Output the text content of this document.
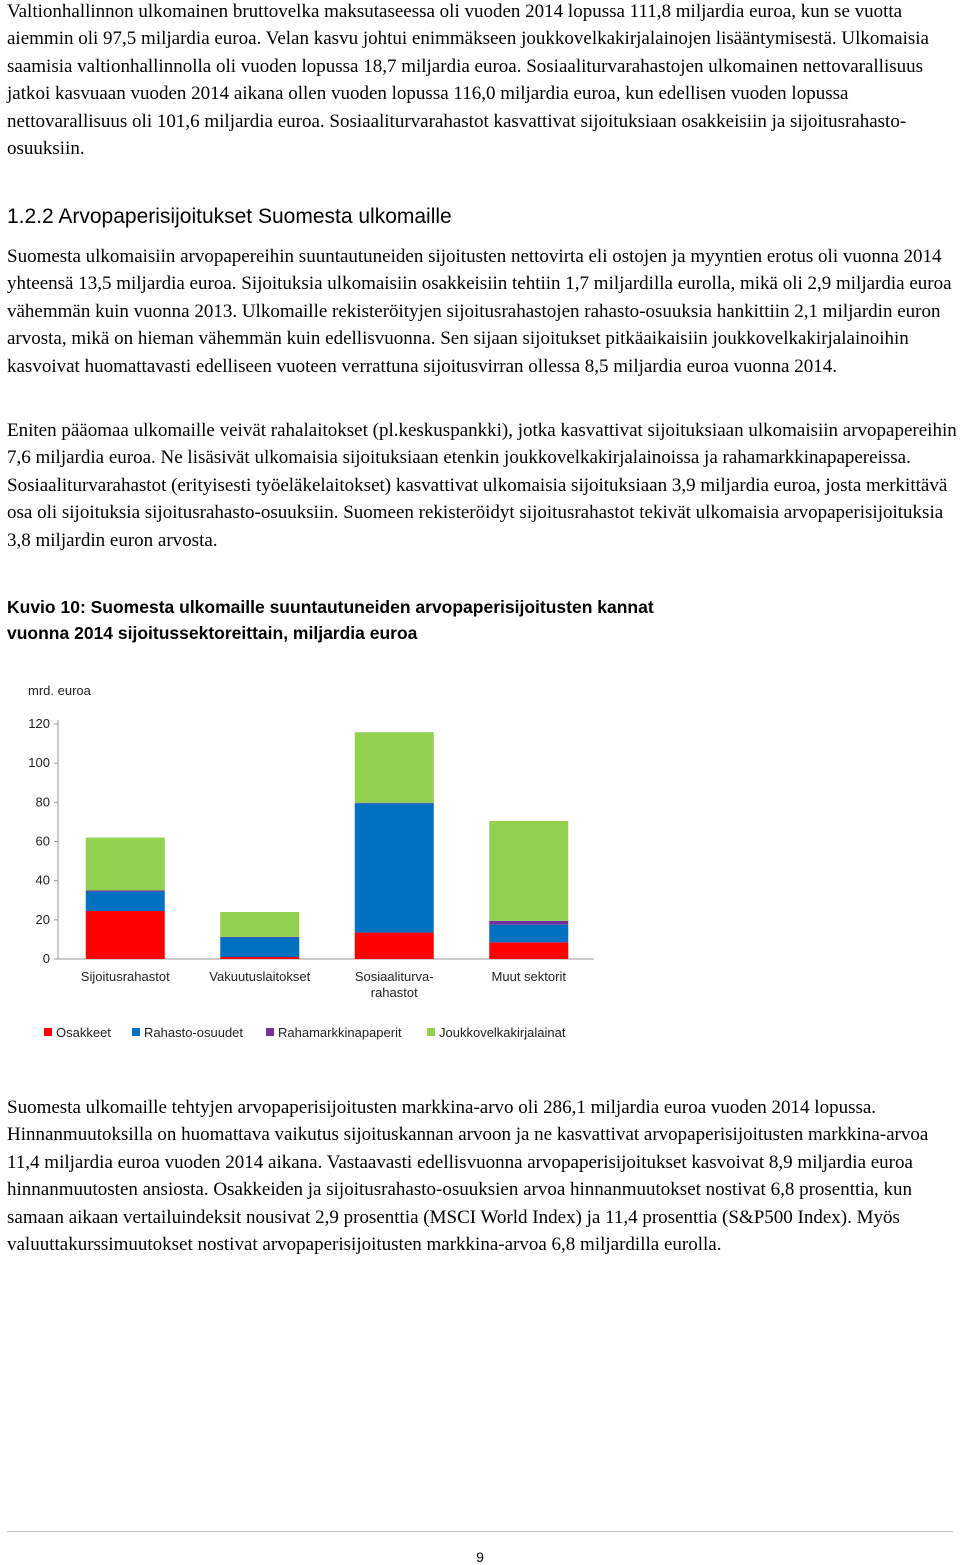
Valtionhallinnon ulkomainen bruttovelka maksutaseessa oli vuoden 2014 lopussa 111,8 miljardia euroa, kun se vuotta aiemmin oli 97,5 miljardia euroa. Velan kasvu johtui enimmäkseen joukkovelkakirjalainojen lisääntymisestä. Ulkomaisia saamisia valtionhallinnolla oli vuoden lopussa 18,7 miljardia euroa. Sosiaaliturvarahastojen ulkomainen nettovarallisuus jatkoi kasvuaan vuoden 2014 aikana ollen vuoden lopussa 116,0 miljardia euroa, kun edellisen vuoden lopussa nettovarallisuus oli 101,6 miljardia euroa. Sosiaaliturvarahastot kasvattivat sijoituksiaan osakkeisiin ja sijoitusrahasto-osuuksiin.

1.2.2 Arvopaperisijoitukset Suomesta ulkomaille

Suomesta ulkomaisiin arvopapereihin suuntautuneiden sijoitusten nettovirta eli ostojen ja myyntien erotus oli vuonna 2014 yhteensä 13,5 miljardia euroa. Sijoituksia ulkomaisiin osakkeisiin tehtiin 1,7 miljardilla eurolla, mikä oli 2,9 miljardia euroa vähemmän kuin vuonna 2013. Ulkomaille rekisteröityjen sijoitusrahastojen rahasto-osuuksia hankittiin 2,1 miljardin euron arvosta, mikä on hieman vähemmän kuin edellisvuonna. Sen sijaan sijoitukset pitkäaikaisiin joukkovelkakirjalainoihin kasvoivat huomattavasti edelliseen vuoteen verrattuna sijoitusvirran ollessa 8,5 miljardia euroa vuonna 2014.

Eniten pääomaa ulkomaille veivät rahalaitokset (pl.keskuspankki), jotka kasvattivat sijoituksiaan ulkomaisiin arvopapereihin 7,6 miljardia euroa. Ne lisäsivät ulkomaisia sijoituksiaan etenkin joukkovelkakirjalainoissa ja rahamarkkinapapereissa. Sosiaaliturvarahastot (erityisesti työeläkelaitokset) kasvattivat ulkomaisia sijoituksiaan 3,9 miljardia euroa, josta merkittävä osa oli sijoituksia sijoitusrahasto-osuuksiin. Suomeen rekisteröidyt sijoitusrahastot tekivät ulkomaisia arvopaperisijoituksia 3,8 miljardin euron arvosta.

Kuvio 10: Suomesta ulkomaille suuntautuneiden arvopaperisijoitusten kannat vuonna 2014 sijoitussektoreittain, miljardia euroa

mrd. euroa
0
20
40
60
80
100
120
Sijoitusrahastot	Vakuutuslaitokset	Sosiaaliturva-
rahastot
Muut sektorit
Osakkeet	Rahasto-osuudet	Rahamarkkinapaperit	Joukkovelkakirjalainat

Suomesta ulkomaille tehtyjen arvopaperisijoitusten markkina-arvo oli 286,1 miljardia euroa vuoden 2014 lopussa. Hinnanmuutoksilla on huomattava vaikutus sijoituskannan arvoon ja ne kasvattivat arvopaperisijoitusten markkina-arvoa 11,4 miljardia euroa vuoden 2014 aikana. Vastaavasti edellisvuonna arvopaperisijoitukset kasvoivat 8,9 miljardia euroa hinnanmuutosten ansiosta. Osakkeiden ja sijoitusrahasto-osuuksien arvoa hinnanmuutokset nostivat 6,8 prosenttia, kun samaan aikaan vertailuindeksit nousivat 2,9 prosenttia (MSCI World Index) ja 11,4 prosenttia (S&P500 Index). Myös valuuttakurssimuutokset nostivat arvopaperisijoitusten markkina-arvoa 6,8 miljardilla eurolla.

9
